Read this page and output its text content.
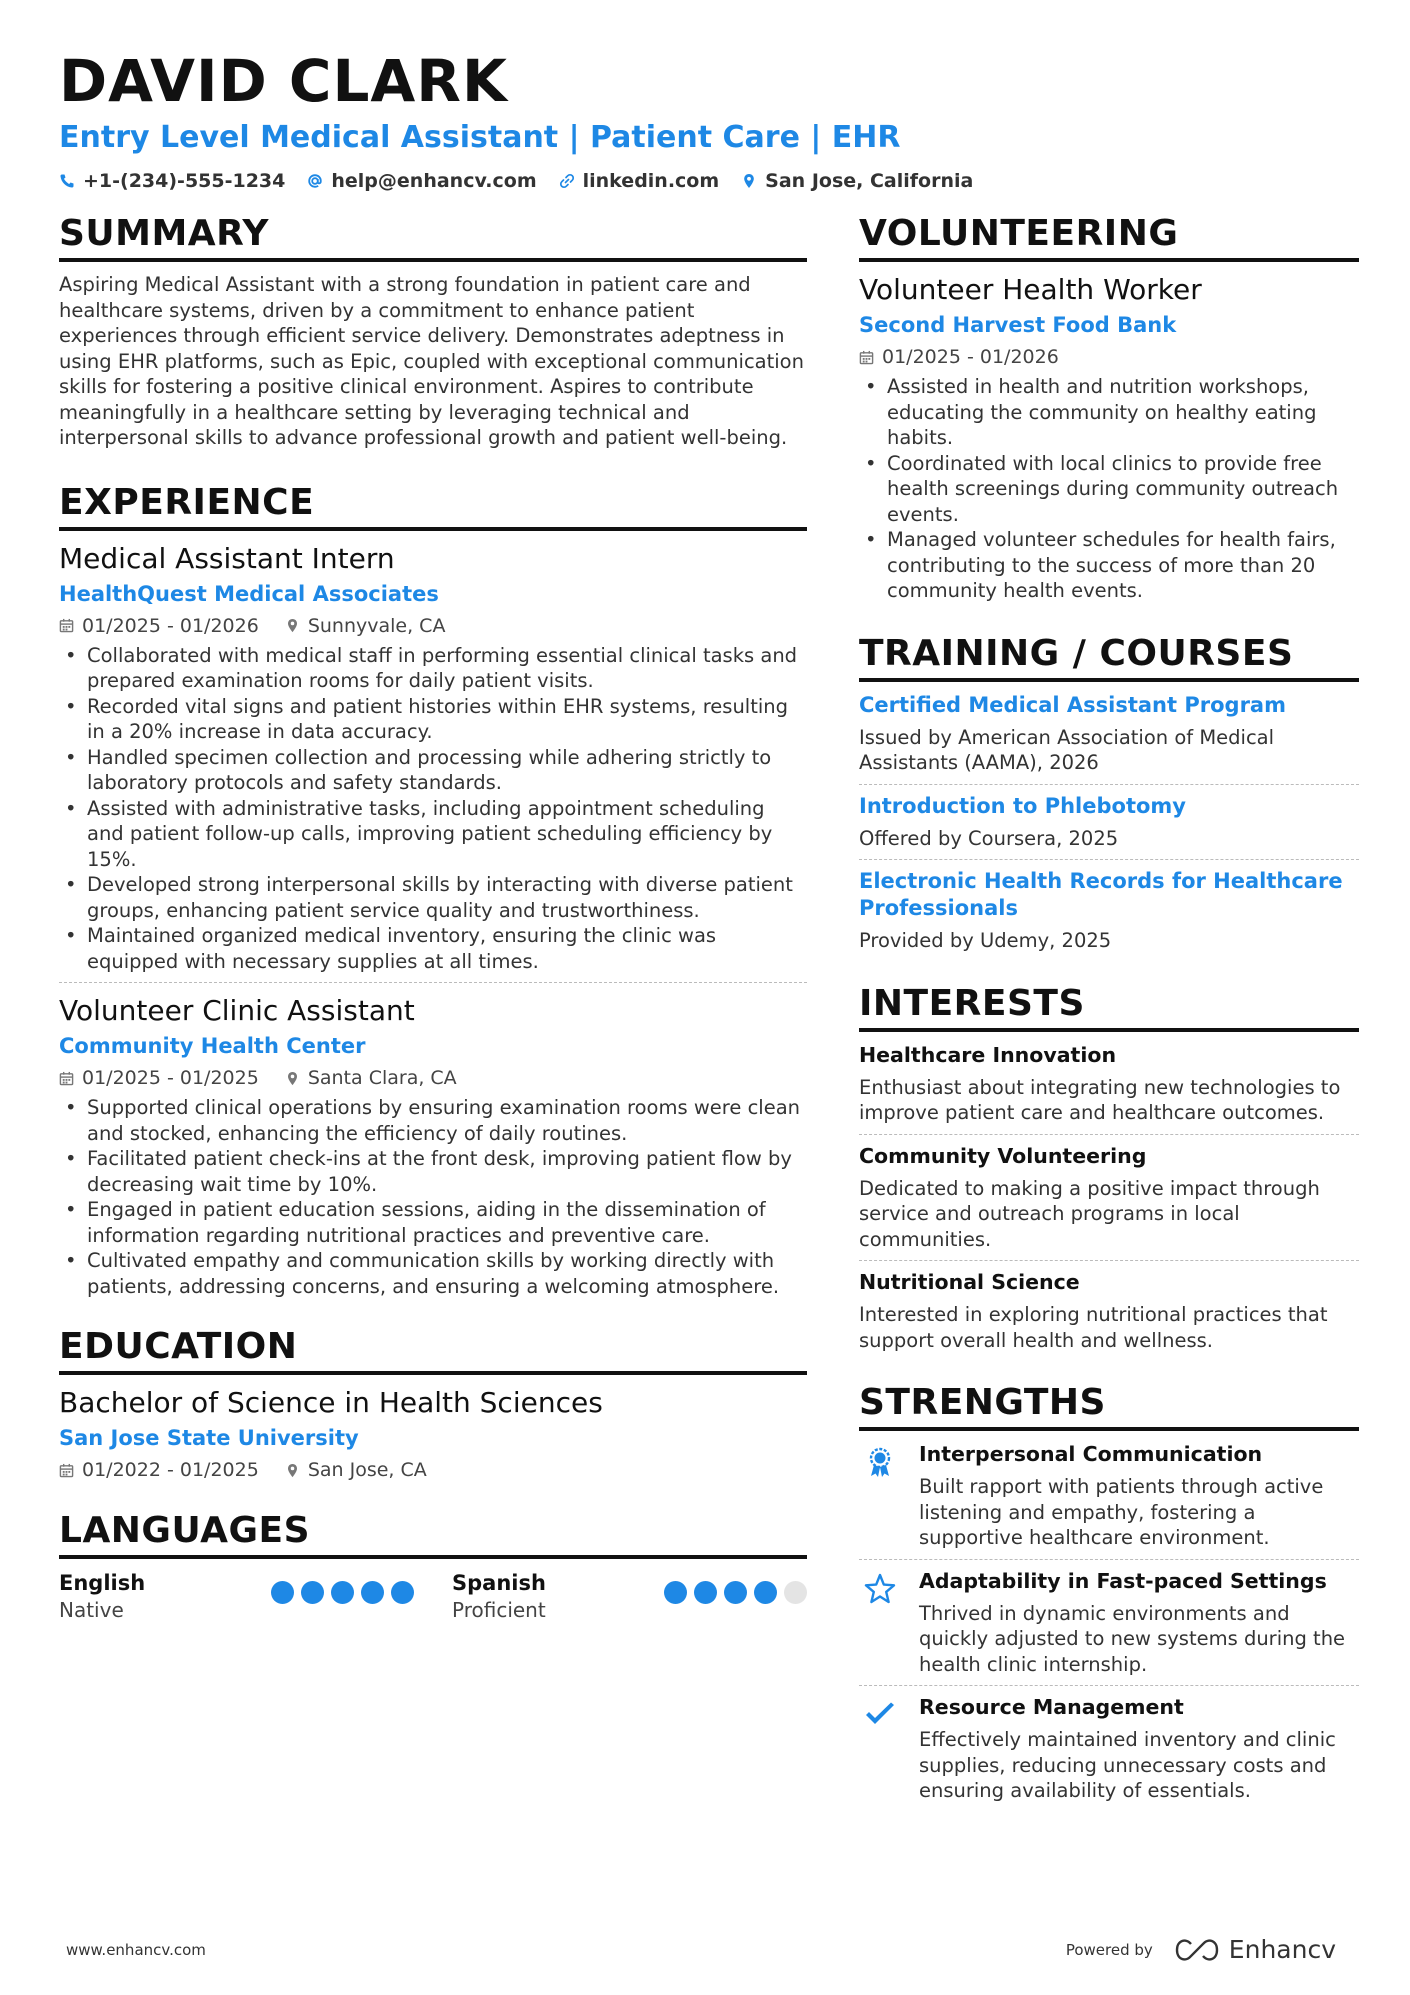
DAVID CLARK
Entry Level Medical Assistant | Patient Care | EHR
+1-(234)-555-1234 help@enhancv.com linkedin.com San Jose, California
SUMMARY
Aspiring Medical Assistant with a strong foundation in patient care and healthcare systems, driven by a commitment to enhance patient experiences through efficient service delivery. Demonstrates adeptness in using EHR platforms, such as Epic, coupled with exceptional communication skills for fostering a positive clinical environment. Aspires to contribute meaningfully in a healthcare setting by leveraging technical and interpersonal skills to advance professional growth and patient well-being.
EXPERIENCE
Medical Assistant Intern
HealthQuest Medical Associates
01/2025 - 01/2026	Sunnyvale, CA
• Collaborated with medical staff in performing essential clinical tasks and prepared examination rooms for daily patient visits.
• Recorded vital signs and patient histories within EHR systems, resulting in a 20% increase in data accuracy.
• Handled specimen collection and processing while adhering strictly to laboratory protocols and safety standards.
• Assisted with administrative tasks, including appointment scheduling and patient follow-up calls, improving patient scheduling efficiency by 15%.
• Developed strong interpersonal skills by interacting with diverse patient groups, enhancing patient service quality and trustworthiness.
• Maintained organized medical inventory, ensuring the clinic was equipped with necessary supplies at all times.
Volunteer Clinic Assistant
Community Health Center
01/2025 - 01/2025	Santa Clara, CA
• Supported clinical operations by ensuring examination rooms were clean and stocked, enhancing the efficiency of daily routines.
• Facilitated patient check-ins at the front desk, improving patient flow by decreasing wait time by 10%.
• Engaged in patient education sessions, aiding in the dissemination of information regarding nutritional practices and preventive care.
• Cultivated empathy and communication skills by working directly with patients, addressing concerns, and ensuring a welcoming atmosphere.
EDUCATION
Bachelor of Science in Health Sciences
San Jose State University
01/2022 - 01/2025	San Jose, CA
LANGUAGES
English
Native
Spanish
Proficient
VOLUNTEERING
Volunteer Health Worker
Second Harvest Food Bank
01/2025 - 01/2026
• Assisted in health and nutrition workshops, educating the community on healthy eating habits.
• Coordinated with local clinics to provide free health screenings during community outreach events.
• Managed volunteer schedules for health fairs, contributing to the success of more than 20 community health events.
TRAINING / COURSES
Certified Medical Assistant Program
Issued by American Association of Medical Assistants (AAMA), 2026
Introduction to Phlebotomy
Offered by Coursera, 2025
Electronic Health Records for Healthcare Professionals
Provided by Udemy, 2025
INTERESTS
Healthcare Innovation
Enthusiast about integrating new technologies to improve patient care and healthcare outcomes.
Community Volunteering
Dedicated to making a positive impact through service and outreach programs in local communities.
Nutritional Science
Interested in exploring nutritional practices that support overall health and wellness.
STRENGTHS
Interpersonal Communication
Built rapport with patients through active listening and empathy, fostering a supportive healthcare environment.
Adaptability in Fast-paced Settings
Thrived in dynamic environments and quickly adjusted to new systems during the health clinic internship.
Resource Management
Effectively maintained inventory and clinic supplies, reducing unnecessary costs and ensuring availability of essentials.
www.enhancv.com	Powered by	Enhancv
